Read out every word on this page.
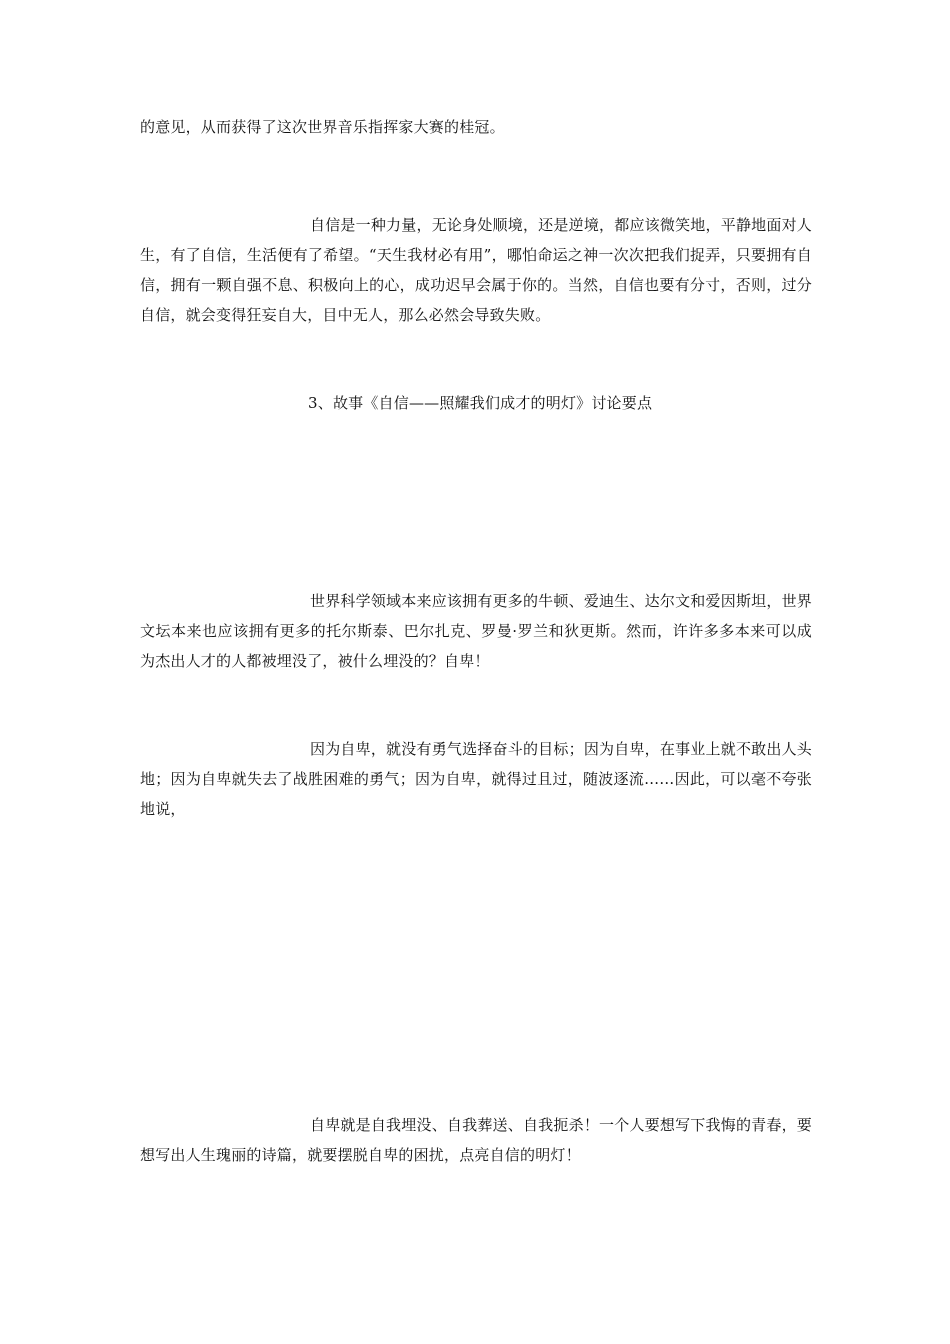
的意见，从而获得了这次世界音乐指挥家大赛的桂冠。

自信是一种力量，无论身处顺境，还是逆境，都应该微笑地，平静地面对人生，有了自信，生活便有了希望。“天生我材必有用”，哪怕命运之神一次次把我们捉弄，只要拥有自信，拥有一颗自强不息、积极向上的心，成功迟早会属于你的。当然，自信也要有分寸，否则，过分自信，就会变得狂妄自大，目中无人，那么必然会导致失败。

3、故事《自信——照耀我们成才的明灯》讨论要点

世界科学领域本来应该拥有更多的牛顿、爱迪生、达尔文和爱因斯坦，世界文坛本来也应该拥有更多的托尔斯泰、巴尔扎克、罗曼·罗兰和狄更斯。然而，许许多多本来可以成为杰出人才的人都被埋没了，被什么埋没的？自卑！

因为自卑，就没有勇气选择奋斗的目标；因为自卑，在事业上就不敢出人头地；因为自卑就失去了战胜困难的勇气；因为自卑，就得过且过，随波逐流……因此，可以毫不夸张地说，

自卑就是自我埋没、自我葬送、自我扼杀！一个人要想写下我悔的青春，要想写出人生瑰丽的诗篇，就要摆脱自卑的困扰，点亮自信的明灯！
